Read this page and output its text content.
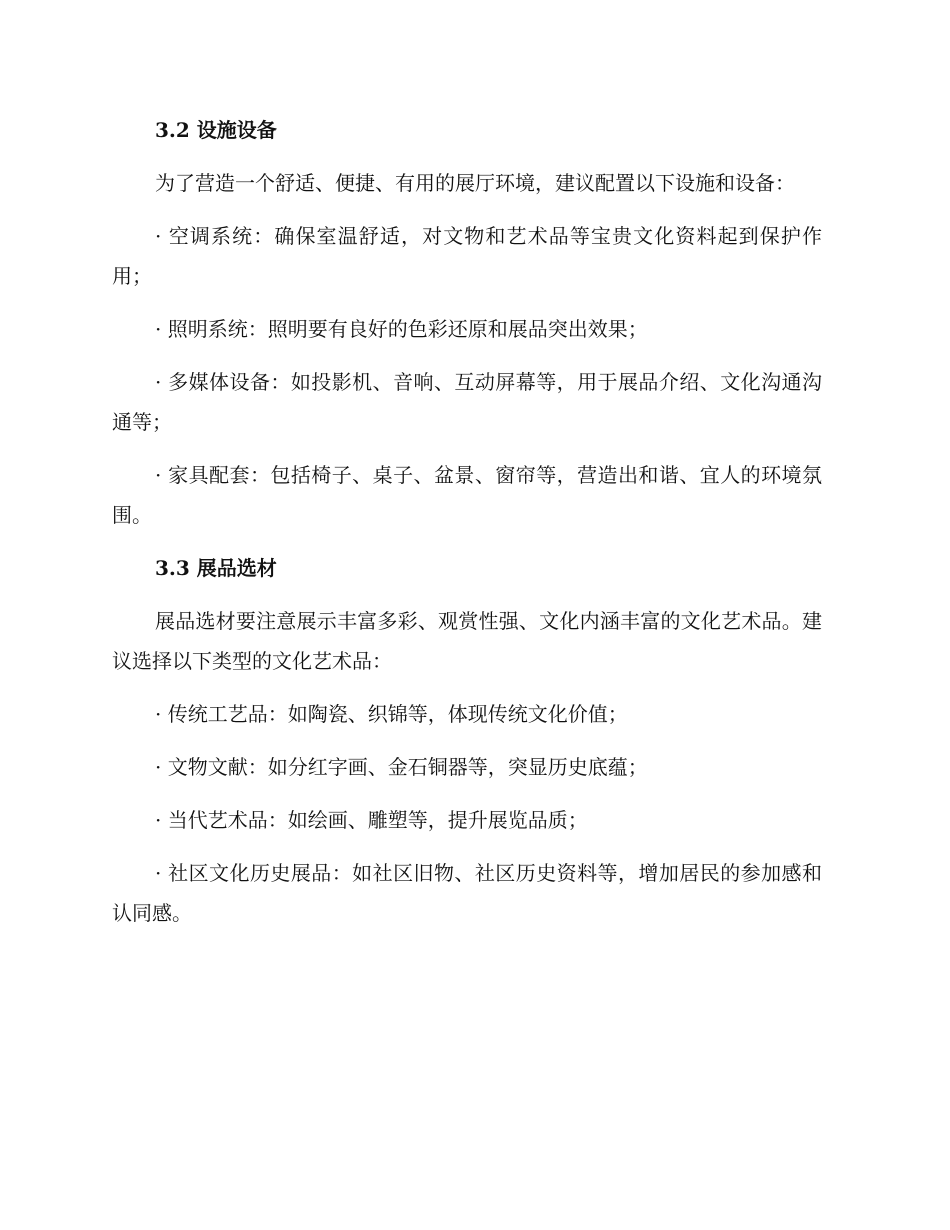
3.2 设施设备
为了营造一个舒适、便捷、有用的展厅环境，建议配置以下设施和设备：
· 空调系统：确保室温舒适，对文物和艺术品等宝贵文化资料起到保护作用；
· 照明系统：照明要有良好的色彩还原和展品突出效果；
· 多媒体设备：如投影机、音响、互动屏幕等，用于展品介绍、文化沟通沟通等；
· 家具配套：包括椅子、桌子、盆景、窗帘等，营造出和谐、宜人的环境氛围。
3.3 展品选材
展品选材要注意展示丰富多彩、观赏性强、文化内涵丰富的文化艺术品。建议选择以下类型的文化艺术品：
· 传统工艺品：如陶瓷、织锦等，体现传统文化价值；
· 文物文献：如分红字画、金石铜器等，突显历史底蕴；
· 当代艺术品：如绘画、雕塑等，提升展览品质；
· 社区文化历史展品：如社区旧物、社区历史资料等，增加居民的参加感和认同感。
